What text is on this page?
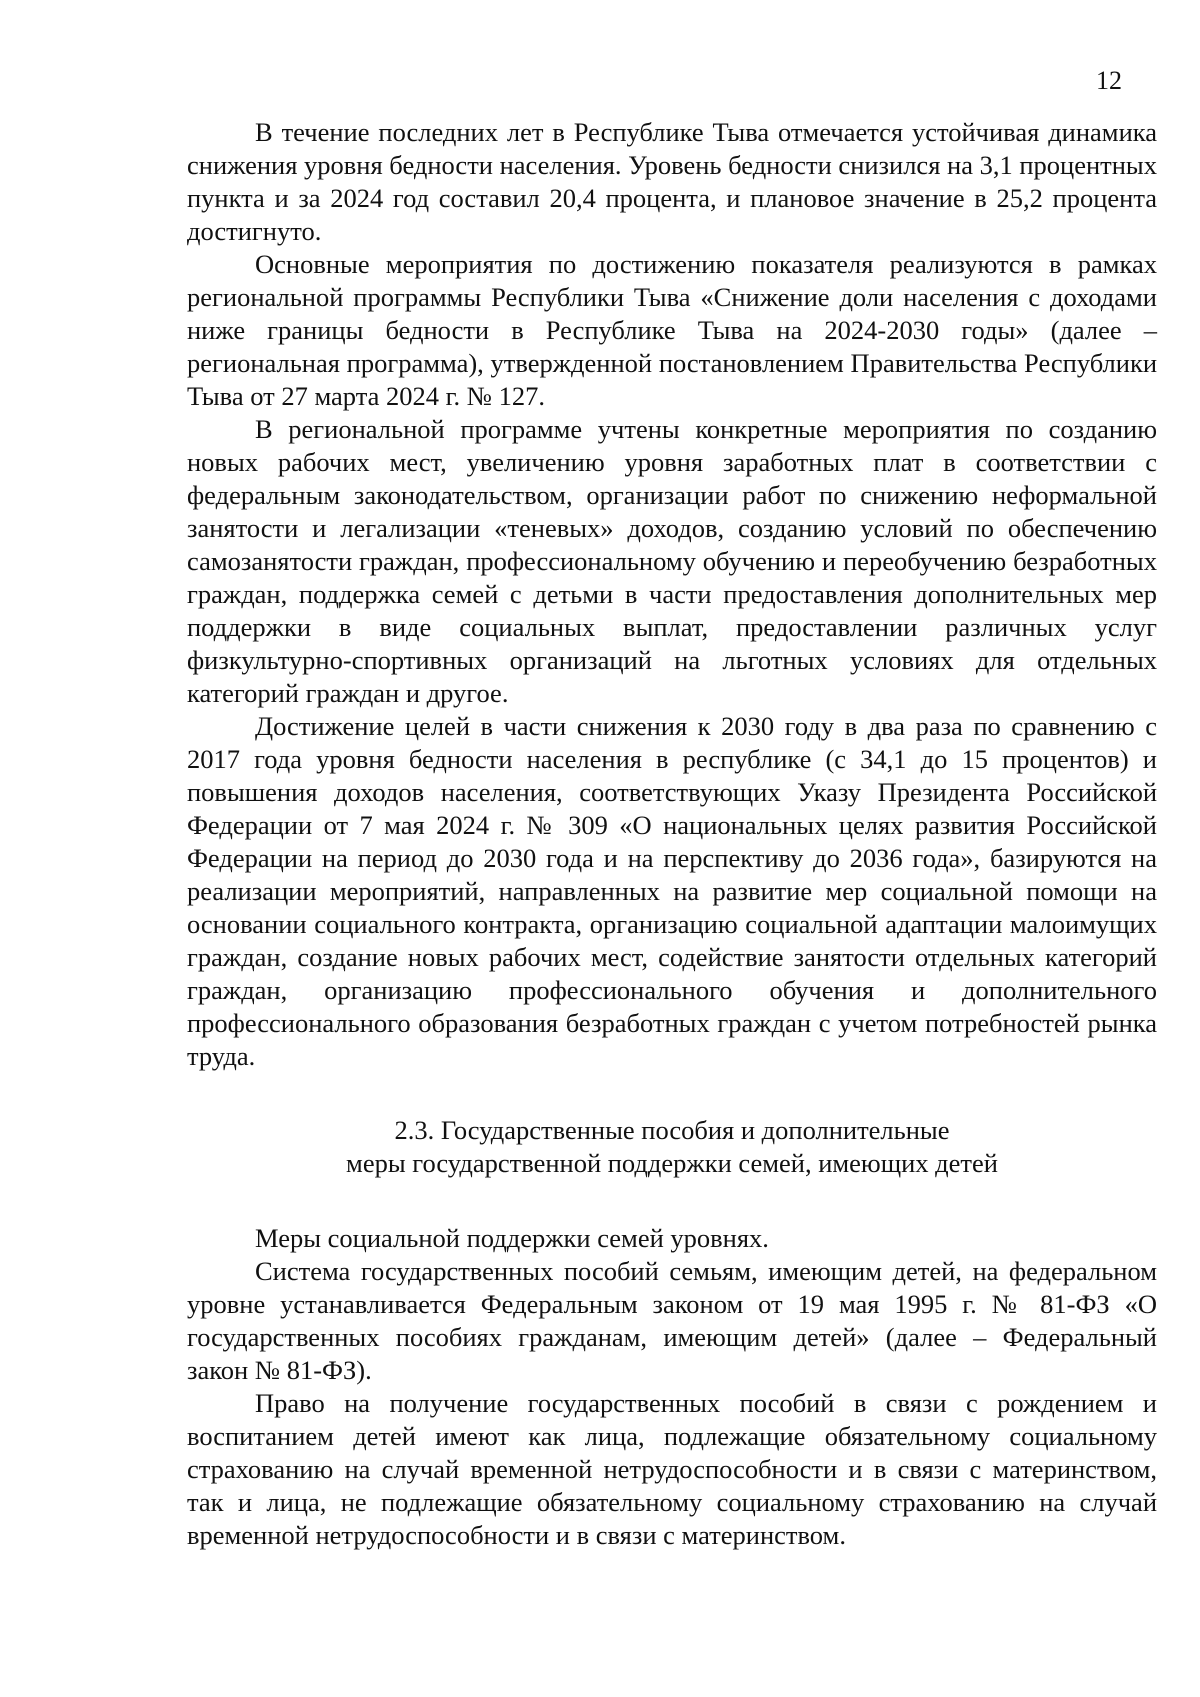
12

В течение последних лет в Республике Тыва отмечается устойчивая динамика снижения уровня бедности населения. Уровень бедности снизился на 3,1 процентных пункта и за 2024 год составил 20,4 процента, и плановое значение в 25,2 процента достигнуто.

Основные мероприятия по достижению показателя реализуются в рамках региональной программы Республики Тыва «Снижение доли населения с доходами ниже границы бедности в Республике Тыва на 2024-2030 годы» (далее – региональная программа), утвержденной постановлением Правительства Республики Тыва от 27 марта 2024 г. № 127.

В региональной программе учтены конкретные мероприятия по созданию новых рабочих мест, увеличению уровня заработных плат в соответствии с федеральным законодательством, организации работ по снижению неформальной занятости и легализации «теневых» доходов, созданию условий по обеспечению самозанятости граждан, профессиональному обучению и переобучению безработных граждан, поддержка семей с детьми в части предоставления дополнительных мер поддержки в виде социальных выплат, предоставлении различных услуг физкультурно-спортивных организаций на льготных условиях для отдельных категорий граждан и другое.

Достижение целей в части снижения к 2030 году в два раза по сравнению с 2017 года уровня бедности населения в республике (с 34,1 до 15 процентов) и повышения доходов населения, соответствующих Указу Президента Российской Федерации от 7 мая 2024 г. № 309 «О национальных целях развития Российской Федерации на период до 2030 года и на перспективу до 2036 года», базируются на реализации мероприятий, направленных на развитие мер социальной помощи на основании социального контракта, организацию социальной адаптации малоимущих граждан, создание новых рабочих мест, содействие занятости отдельных категорий граждан, организацию профессионального обучения и дополнительного профессионального образования безработных граждан с учетом потребностей рынка труда.

2.3. Государственные пособия и дополнительные
меры государственной поддержки семей, имеющих детей

Меры социальной поддержки семей уровнях.

Система государственных пособий семьям, имеющим детей, на федеральном уровне устанавливается Федеральным законом от 19 мая 1995 г. № 81-ФЗ «О государственных пособиях гражданам, имеющим детей» (далее – Федеральный закон № 81-ФЗ).

Право на получение государственных пособий в связи с рождением и воспитанием детей имеют как лица, подлежащие обязательному социальному страхованию на случай временной нетрудоспособности и в связи с материнством, так и лица, не подлежащие обязательному социальному страхованию на случай временной нетрудоспособности и в связи с материнством.
